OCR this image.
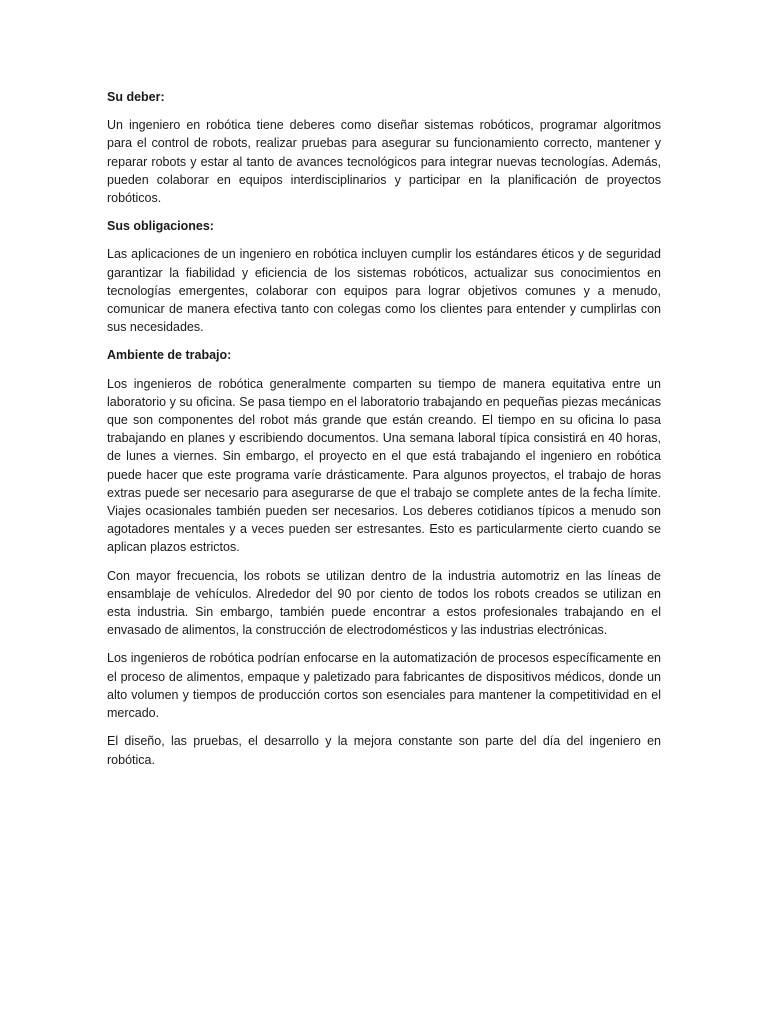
Su deber:

Un ingeniero en robótica tiene deberes como diseñar sistemas robóticos, programar algoritmos para el control de robots, realizar pruebas para asegurar su funcionamiento correcto, mantener y reparar robots y estar al tanto de avances tecnológicos para integrar nuevas tecnologías. Además, pueden colaborar en equipos interdisciplinarios y participar en la planificación de proyectos robóticos.

Sus obligaciones:

Las aplicaciones de un ingeniero en robótica incluyen cumplir los estándares éticos y de seguridad garantizar la fiabilidad y eficiencia de los sistemas robóticos, actualizar sus conocimientos en tecnologías emergentes, colaborar con equipos para lograr objetivos comunes y a menudo, comunicar de manera efectiva tanto con colegas como los clientes para entender y cumplirlas con sus necesidades.

Ambiente de trabajo:

Los ingenieros de robótica generalmente comparten su tiempo de manera equitativa entre un laboratorio y su oficina. Se pasa tiempo en el laboratorio trabajando en pequeñas piezas mecánicas que son componentes del robot más grande que están creando. El tiempo en su oficina lo pasa trabajando en planes y escribiendo documentos. Una semana laboral típica consistirá en 40 horas, de lunes a viernes. Sin embargo, el proyecto en el que está trabajando el ingeniero en robótica puede hacer que este programa varíe drásticamente. Para algunos proyectos, el trabajo de horas extras puede ser necesario para asegurarse de que el trabajo se complete antes de la fecha límite. Viajes ocasionales también pueden ser necesarios. Los deberes cotidianos típicos a menudo son agotadores mentales y a veces pueden ser estresantes. Esto es particularmente cierto cuando se aplican plazos estrictos.

Con mayor frecuencia, los robots se utilizan dentro de la industria automotriz en las líneas de ensamblaje de vehículos. Alrededor del 90 por ciento de todos los robots creados se utilizan en esta industria. Sin embargo, también puede encontrar a estos profesionales trabajando en el envasado de alimentos, la construcción de electrodomésticos y las industrias electrónicas.

Los ingenieros de robótica podrían enfocarse en la automatización de procesos específicamente en el proceso de alimentos, empaque y paletizado para fabricantes de dispositivos médicos, donde un alto volumen y tiempos de producción cortos son esenciales para mantener la competitividad en el mercado.

El diseño, las pruebas, el desarrollo y la mejora constante son parte del día del ingeniero en robótica.
